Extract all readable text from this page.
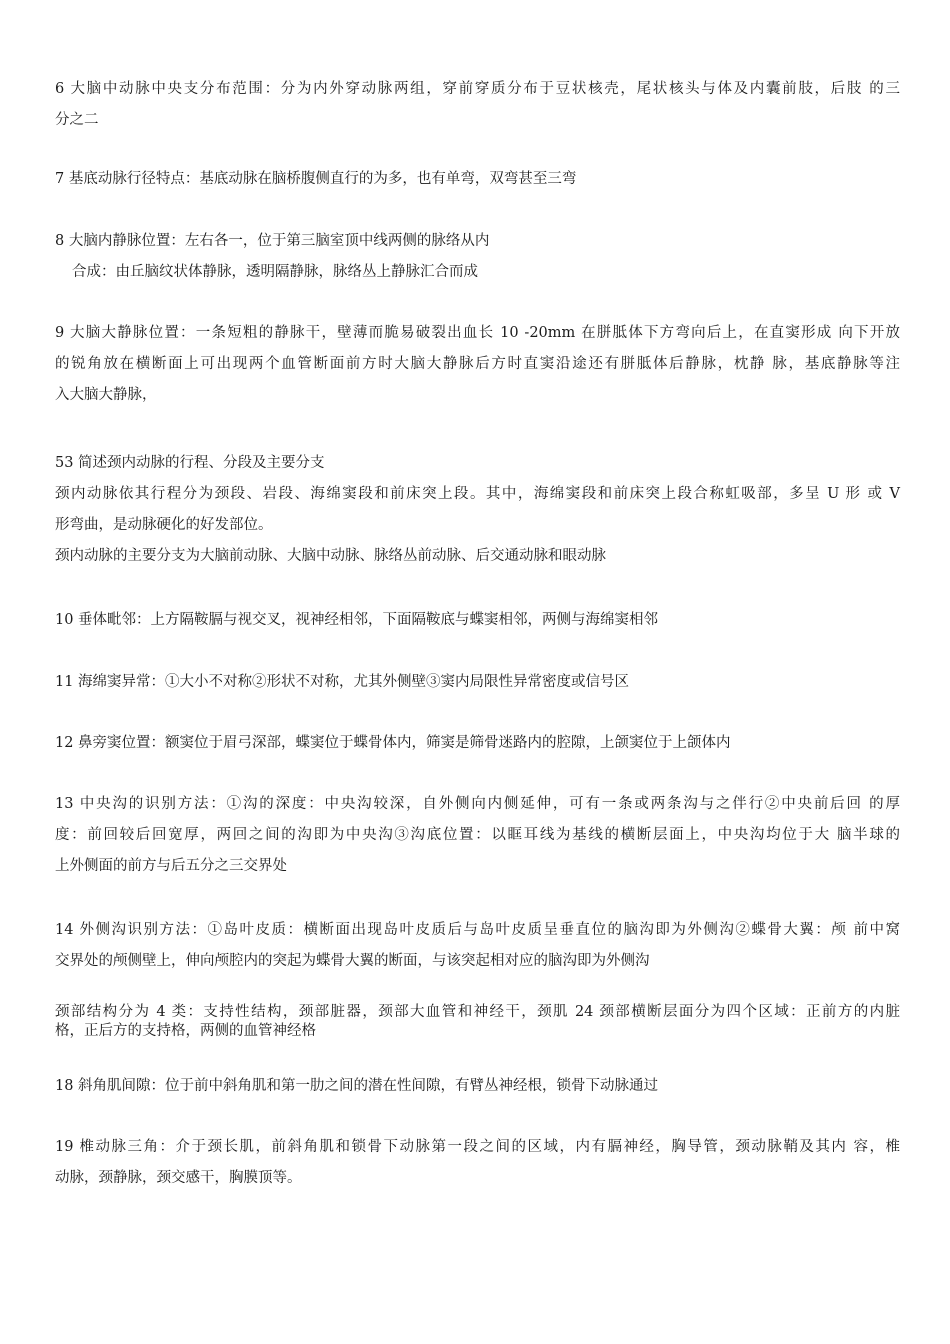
6 大脑中动脉中央支分布范围：分为内外穿动脉两组，穿前穿质分布于豆状核壳，尾状核头与体及内囊前肢，后肢 的三
分之二
7 基底动脉行径特点：基底动脉在脑桥腹侧直行的为多，也有单弯，双弯甚至三弯
8 大脑内静脉位置：左右各一，位于第三脑室顶中线两侧的脉络从内
合成：由丘脑纹状体静脉，透明隔静脉，脉络丛上静脉汇合而成
9 大脑大静脉位置：一条短粗的静脉干，壁薄而脆易破裂出血长 10 -20mm 在胼胝体下方弯向后上，在直窦形成 向下开放
的锐角放在横断面上可出现两个血管断面前方时大脑大静脉后方时直窦沿途还有胼胝体后静脉，枕静 脉，基底静脉等注
入大脑大静脉，
53 简述颈内动脉的行程、分段及主要分支
颈内动脉依其行程分为颈段、岩段、海绵窦段和前床突上段。其中，海绵窦段和前床突上段合称虹吸部，多呈 U 形 或 V
形弯曲，是动脉硬化的好发部位。
颈内动脉的主要分支为大脑前动脉、大脑中动脉、脉络丛前动脉、后交通动脉和眼动脉
10 垂体毗邻：上方隔鞍膈与视交叉，视神经相邻，下面隔鞍底与蝶窦相邻，两侧与海绵窦相邻
11 海绵窦异常：①大小不对称②形状不对称，尤其外侧壁③窦内局限性异常密度或信号区
12 鼻旁窦位置：额窦位于眉弓深部，蝶窦位于蝶骨体内，筛窦是筛骨迷路内的腔隙，上颌窦位于上颌体内
13 中央沟的识别方法：①沟的深度：中央沟较深，自外侧向内侧延伸，可有一条或两条沟与之伴行②中央前后回 的厚
度：前回较后回宽厚，两回之间的沟即为中央沟③沟底位置：以眶耳线为基线的横断层面上，中央沟均位于大 脑半球的
上外侧面的前方与后五分之三交界处
14 外侧沟识别方法：①岛叶皮质：横断面出现岛叶皮质后与岛叶皮质呈垂直位的脑沟即为外侧沟②蝶骨大翼：颅 前中窝
交界处的颅侧壁上，伸向颅腔内的突起为蝶骨大翼的断面，与该突起相对应的脑沟即为外侧沟
颈部结构分为 4 类：支持性结构，颈部脏器，颈部大血管和神经干，颈肌 24 颈部横断层面分为四个区域：正前方的内脏
格，正后方的支持格，两侧的血管神经格
18 斜角肌间隙：位于前中斜角肌和第一肋之间的潜在性间隙，有臂丛神经根，锁骨下动脉通过
19 椎动脉三角：介于颈长肌，前斜角肌和锁骨下动脉第一段之间的区域，内有膈神经，胸导管，颈动脉鞘及其内 容，椎
动脉，颈静脉，颈交感干，胸膜顶等。
